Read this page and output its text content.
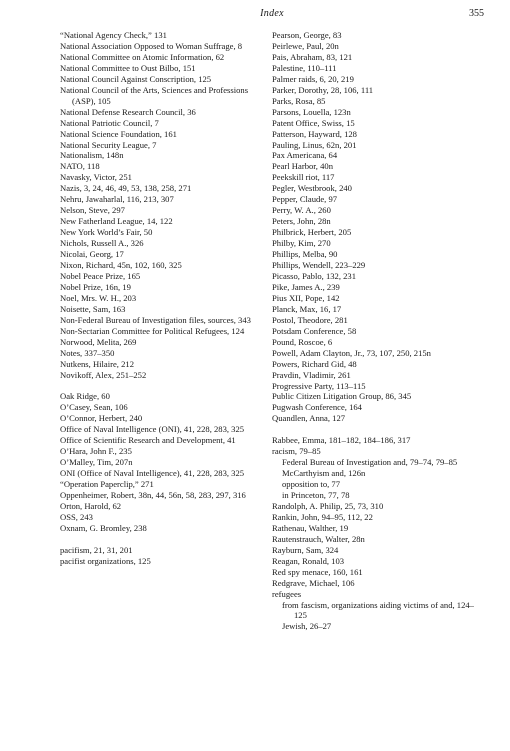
Index	355
“National Agency Check,” 131
National Association Opposed to Woman Suffrage, 8
National Committee on Atomic Information, 62
National Committee to Oust Bilbo, 151
National Council Against Conscription, 125
National Council of the Arts, Sciences and Professions (ASP), 105
National Defense Research Council, 36
National Patriotic Council, 7
National Science Foundation, 161
National Security League, 7
Nationalism, 148n
NATO, 118
Navasky, Victor, 251
Nazis, 3, 24, 46, 49, 53, 138, 258, 271
Nehru, Jawaharlal, 116, 213, 307
Nelson, Steve, 297
New Fatherland League, 14, 122
New York World’s Fair, 50
Nichols, Russell A., 326
Nicolai, Georg, 17
Nixon, Richard, 45n, 102, 160, 325
Nobel Peace Prize, 165
Nobel Prize, 16n, 19
Noel, Mrs. W. H., 203
Noisette, Sam, 163
Non-Federal Bureau of Investigation files, sources, 343
Non-Sectarian Committee for Political Refugees, 124
Norwood, Melita, 269
Notes, 337–350
Nutkens, Hilaire, 212
Novikoff, Alex, 251–252
Oak Ridge, 60
O’Casey, Sean, 106
O’Connor, Herbert, 240
Office of Naval Intelligence (ONI), 41, 228, 283, 325
Office of Scientific Research and Development, 41
O’Hara, John F., 235
O’Malley, Tim, 207n
ONI (Office of Naval Intelligence), 41, 228, 283, 325
“Operation Paperclip,” 271
Oppenheimer, Robert, 38n, 44, 56n, 58, 283, 297, 316
Orton, Harold, 62
OSS, 243
Oxnam, G. Bromley, 238
pacifism, 21, 31, 201
pacifist organizations, 125
Pearson, George, 83
Peirlewe, Paul, 20n
Pais, Abraham, 83, 121
Palestine, 110–111
Palmer raids, 6, 20, 219
Parker, Dorothy, 28, 106, 111
Parks, Rosa, 85
Parsons, Louella, 123n
Patent Office, Swiss, 15
Patterson, Hayward, 128
Pauling, Linus, 62n, 201
Pax Americana, 64
Pearl Harbor, 40n
Peekskill riot, 117
Pegler, Westbrook, 240
Pepper, Claude, 97
Perry, W. A., 260
Peters, John, 28n
Philbrick, Herbert, 205
Philby, Kim, 270
Phillips, Melba, 90
Phillips, Wendell, 223–229
Picasso, Pablo, 132, 231
Pike, James A., 239
Pius XII, Pope, 142
Planck, Max, 16, 17
Postol, Theodore, 281
Potsdam Conference, 58
Pound, Roscoe, 6
Powell, Adam Clayton, Jr., 73, 107, 250, 215n
Powers, Richard Gid, 48
Pravdin, Vladimir, 261
Progressive Party, 113–115
Public Citizen Litigation Group, 86, 345
Pugwash Conference, 164
Quandlen, Anna, 127
Rabbee, Emma, 181–182, 184–186, 317
racism, 79–85
Federal Bureau of Investigation and, 79–74, 79–85
McCarthyism and, 126n
opposition to, 77
in Princeton, 77, 78
Randolph, A. Philip, 25, 73, 310
Rankin, John, 94–95, 112, 22
Rathenau, Walther, 19
Rautenstrauch, Walter, 28n
Rayburn, Sam, 324
Reagan, Ronald, 103
Red spy menace, 160, 161
Redgrave, Michael, 106
refugees
from fascism, organizations aiding victims of and, 124–125
Jewish, 26–27
